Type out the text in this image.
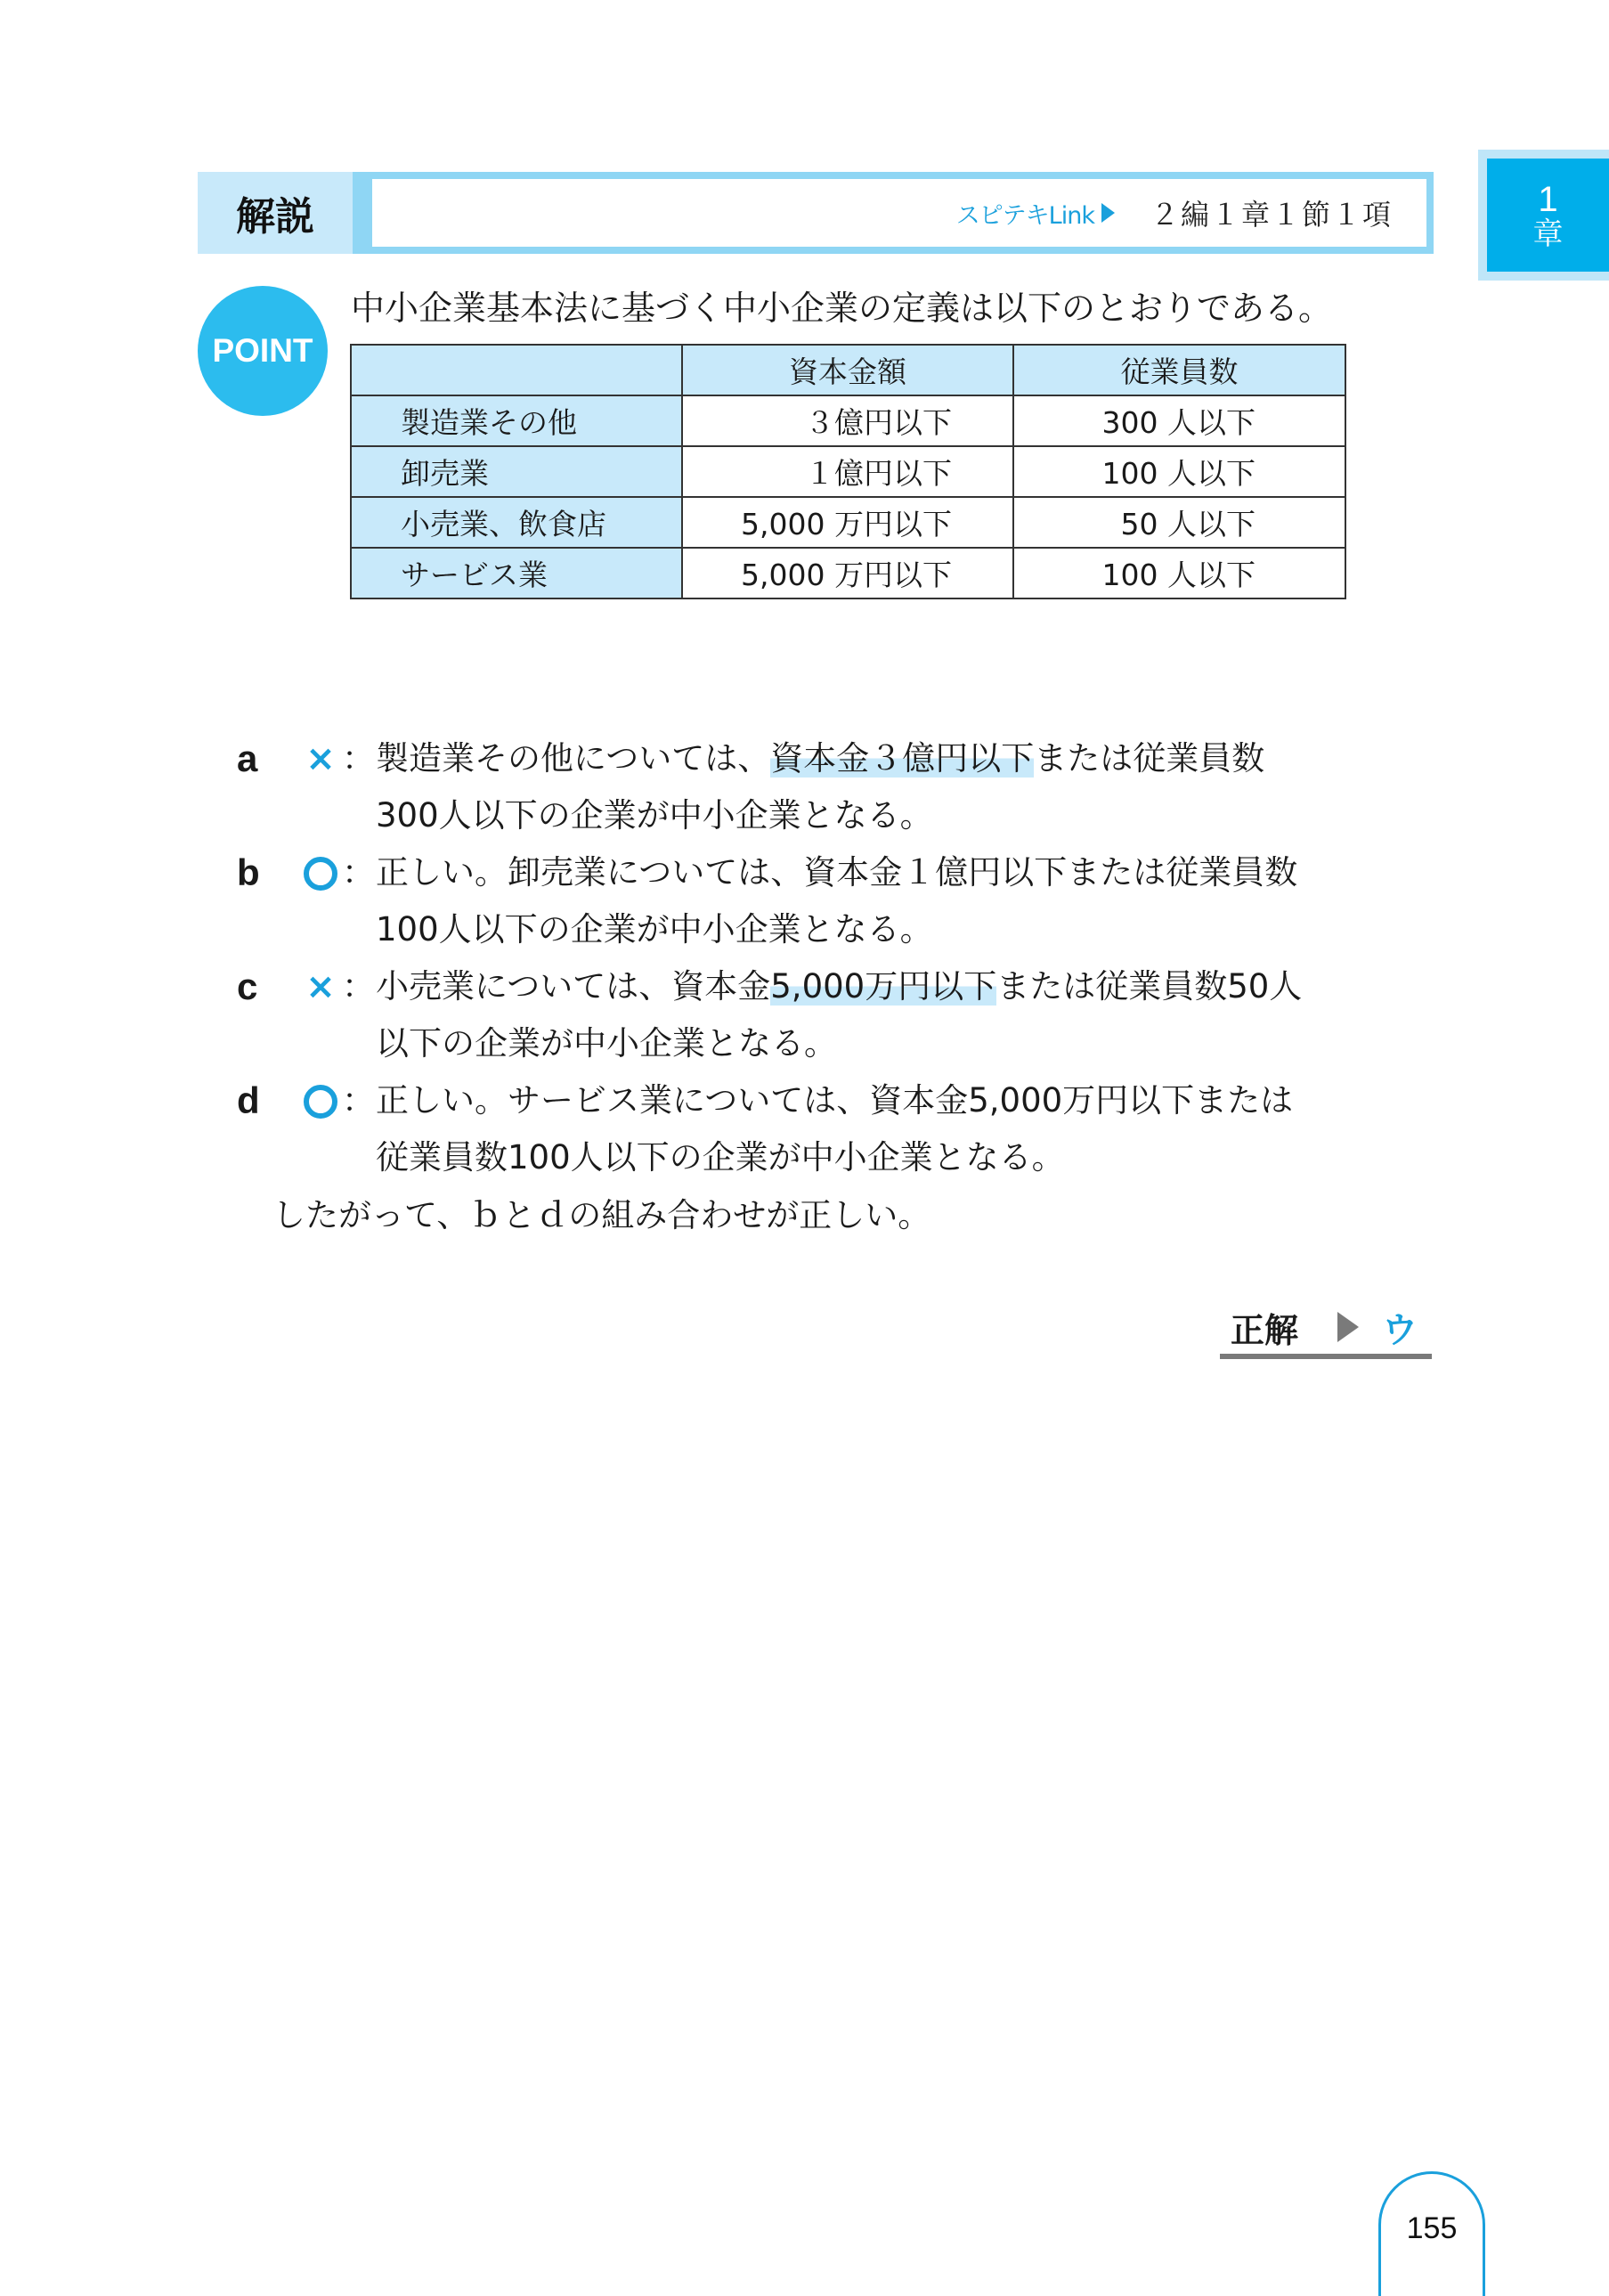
解説	スピテキLink ２編１章１節１項	1
章
POINT
中小企業基本法に基づく中小企業の定義は以下のとおりである。
	資本金額	従業員数
製造業その他	３億円以下	300 人以下
卸売業	１億円以下	100 人以下
小売業、飲食店	5,000 万円以下	50 人以下
サービス業	5,000 万円以下	100 人以下
a	× ： 製造業その他については、資本金３億円以下または従業員数300人以下の企業が中小企業となる。
b	○ ： 正しい。卸売業については、資本金１億円以下または従業員数100人以下の企業が中小企業となる。
c	× ： 小売業については、資本金5,000万円以下または従業員数50人以下の企業が中小企業となる。
d	○ ： 正しい。サービス業については、資本金5,000万円以下または従業員数100人以下の企業が中小企業となる。
したがって、ｂとｄの組み合わせが正しい。
正解 ウ
155
